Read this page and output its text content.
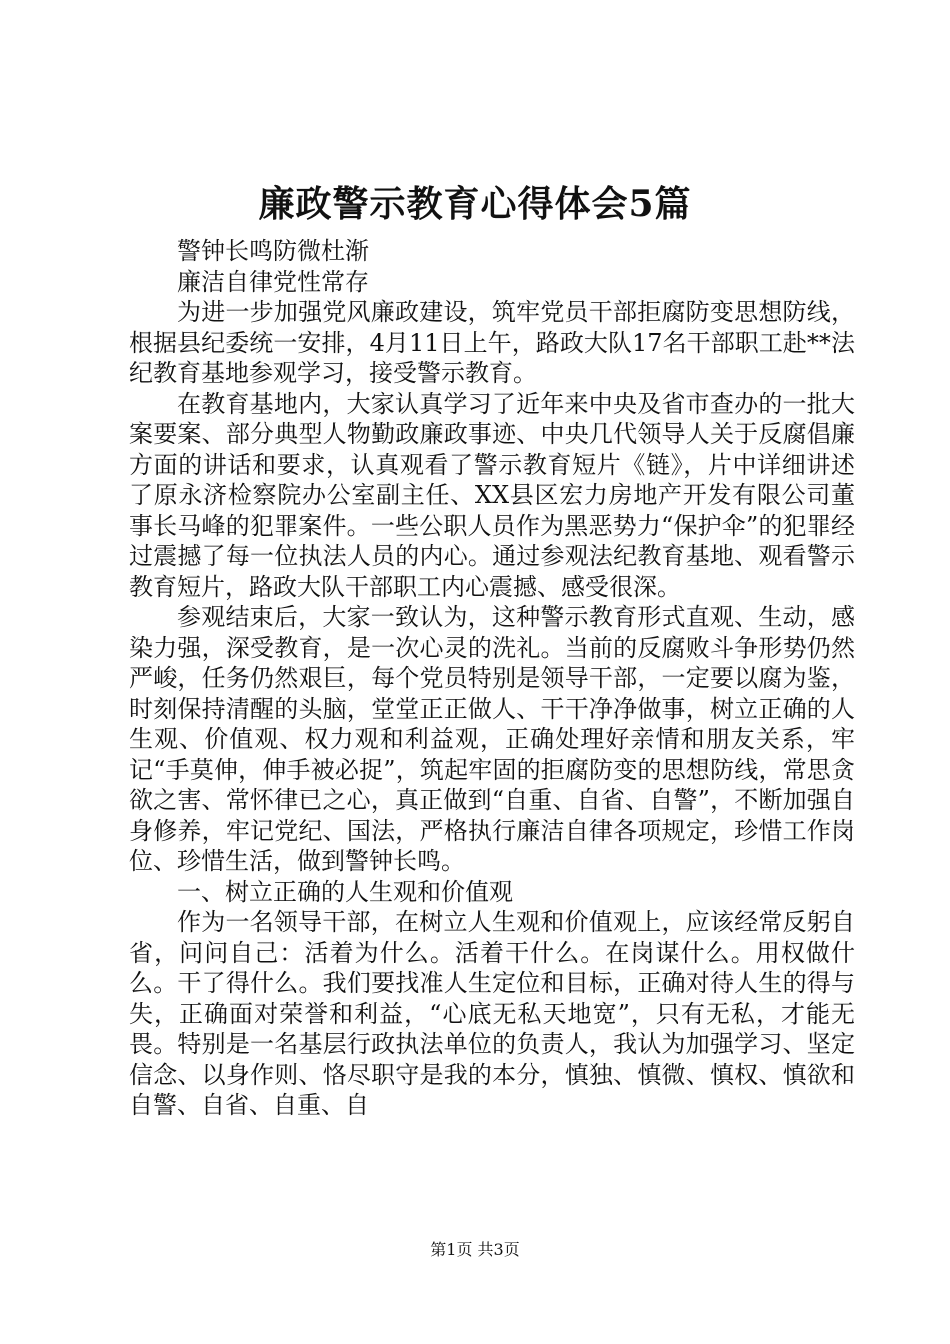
廉政警示教育心得体会5篇

警钟长鸣防微杜渐

廉洁自律党性常存

为进一步加强党风廉政建设，筑牢党员干部拒腐防变思想防线，根据县纪委统一安排，4月11日上午，路政大队17名干部职工赴**法纪教育基地参观学习，接受警示教育。

在教育基地内，大家认真学习了近年来中央及省市查办的一批大案要案、部分典型人物勤政廉政事迹、中央几代领导人关于反腐倡廉方面的讲话和要求，认真观看了警示教育短片《链》，片中详细讲述了原永济检察院办公室副主任、XX县区宏力房地产开发有限公司董事长马峰的犯罪案件。一些公职人员作为黑恶势力“保护伞”的犯罪经过震撼了每一位执法人员的内心。通过参观法纪教育基地、观看警示教育短片，路政大队干部职工内心震撼、感受很深。

参观结束后，大家一致认为，这种警示教育形式直观、生动，感染力强，深受教育，是一次心灵的洗礼。当前的反腐败斗争形势仍然严峻，任务仍然艰巨，每个党员特别是领导干部，一定要以腐为鉴，时刻保持清醒的头脑，堂堂正正做人、干干净净做事，树立正确的人生观、价值观、权力观和利益观，正确处理好亲情和朋友关系，牢记“手莫伸，伸手被必捉”，筑起牢固的拒腐防变的思想防线，常思贪欲之害、常怀律已之心，真正做到“自重、自省、自警”，不断加强自身修养，牢记党纪、国法，严格执行廉洁自律各项规定，珍惜工作岗位、珍惜生活，做到警钟长鸣。

一、树立正确的人生观和价值观

作为一名领导干部，在树立人生观和价值观上，应该经常反躬自省，问问自己：活着为什么。活着干什么。在岗谋什么。用权做什么。干了得什么。我们要找准人生定位和目标，正确对待人生的得与失，正确面对荣誉和利益，“心底无私天地宽”，只有无私，才能无畏。特别是一名基层行政执法单位的负责人，我认为加强学习、坚定信念、以身作则、恪尽职守是我的本分，慎独、慎微、慎权、慎欲和自警、自省、自重、自

第1页 共3页
